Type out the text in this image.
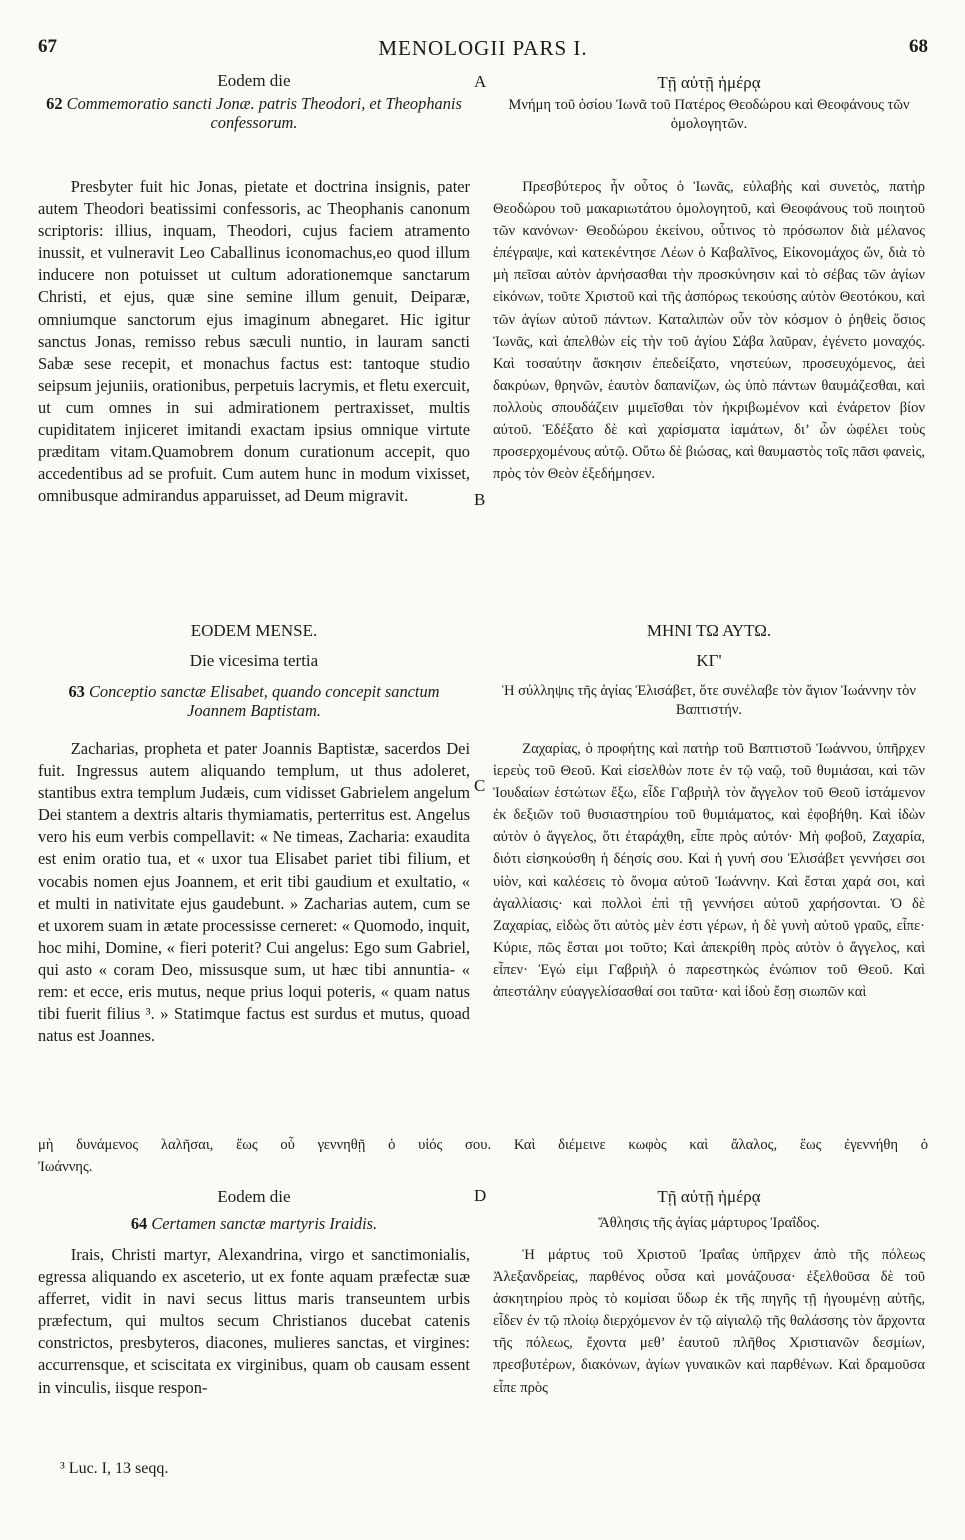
67	MENOLOGII PARS I.	68
A
B
C
D
Eodem die
62 Commemoratio sancti Jonæ. patris Theodori, et Theophanis confessorum.
Τῇ αὐτῇ ἡμέρᾳ
Μνήμη τοῦ ὁσίου Ἰωνᾶ τοῦ Πατέρος Θεοδώρου καὶ Θεοφάνους τῶν ὁμολογητῶν.

Presbyter fuit hic Jonas, pietate et doctrina insignis, pater autem Theodori beatissimi confessoris, ac Theophanis canonum scriptoris: illius, inquam, Theodori, cujus faciem atramento inussit, et vulneravit Leo Caballinus iconomachus,eo quod illum inducere non potuisset ut cultum adorationemque sanctarum Christi, et ejus, quæ sine semine illum genuit, Deiparæ, omniumque sanctorum ejus imaginum abnegaret. Hic igitur sanctus Jonas, remisso rebus sæculi nuntio, in lauram sancti Sabæ sese recepit, et monachus factus est: tantoque studio seipsum jejuniis, orationibus, perpetuis lacrymis, et fletu exercuit, ut cum omnes in sui admirationem pertraxisset, multis cupiditatem injiceret imitandi exactam ipsius omnique virtute præditam vitam.Quamobrem donum curationum accepit, quo accedentibus ad se profuit. Cum autem hunc in modum vixisset, omnibusque admirandus apparuisset, ad Deum migravit.

Πρεσβύτερος ἦν οὗτος ὁ Ἰωνᾶς, εὐλαβὴς καὶ συνετὸς, πατὴρ Θεοδώρου τοῦ μακαριωτάτου ὁμολογητοῦ, καὶ Θεοφάνους τοῦ ποιητοῦ τῶν κανόνων· Θεοδώρου ἐκείνου, οὗτινος τὸ πρόσωπον διὰ μέλανος ἐπέγραψε, καὶ κατεκέντησε Λέων ὁ Καβαλῖνος, Εἰκονομάχος ὤν, διὰ τὸ μὴ πεῖσαι αὐτὸν ἀρνήσασθαι τὴν προσκύνησιν καὶ τὸ σέβας τῶν ἁγίων εἰκόνων, τοῦτε Χριστοῦ καὶ τῆς ἀσπόρως τεκούσης αὐτὸν Θεοτόκου, καὶ τῶν ἁγίων αὐτοῦ πάντων. Καταλιπὼν οὖν τὸν κόσμον ὁ ῥηθεὶς ὅσιος Ἰωνᾶς, καὶ ἀπελθὼν εἰς τὴν τοῦ ἁγίου Σάβα λαῦραν, ἐγένετο μοναχός. Καὶ τοσαύτην ἄσκησιν ἐπεδείξατο, νηστεύων, προσευχόμενος, ἀεὶ δακρύων, θρηνῶν, ἑαυτὸν δαπανίζων, ὡς ὑπὸ πάντων θαυμάζεσθαι, καὶ πολλοὺς σπουδάζειν μιμεῖσθαι τὸν ἠκριβωμένον καὶ ἐνάρετον βίον αὐτοῦ. Ἐδέξατο δὲ καὶ χαρίσματα ἰαμάτων, δι’ ὧν ὠφέλει τοὺς προσερχομένους αὐτῷ. Οὕτω δὲ βιώσας, καὶ θαυμαστὸς τοῖς πᾶσι φανεὶς, πρὸς τὸν Θεὸν ἐξεδήμησεν.

EODEM MENSE.
Die vicesima tertia
ΜΗΝΙ ΤΩ ΑΥΤΩ.
ΚΓ'
63 Conceptio sanctæ Elisabet, quando concepit sanctum Joannem Baptistam.
Ἡ σύλληψις τῆς ἁγίας Ἐλισάβετ, ὅτε συνέλαβε τὸν ἅγιον Ἰωάννην τὸν Βαπτιστήν.

Zacharias, propheta et pater Joannis Baptistæ, sacerdos Dei fuit. Ingressus autem aliquando templum, ut thus adoleret, stantibus extra templum Judæis, cum vidisset Gabrielem angelum Dei stantem a dextris altaris thymiamatis, perterritus est. Angelus vero his eum verbis compellavit: « Ne timeas, Zacharia: exaudita est enim oratio tua, et « uxor tua Elisabet pariet tibi filium, et vocabis nomen ejus Joannem, et erit tibi gaudium et exultatio, « et multi in nativitate ejus gaudebunt. » Zacharias autem, cum se et uxorem suam in ætate processisse cerneret: « Quomodo, inquit, hoc mihi, Domine, « fieri poterit? Cui angelus: Ego sum Gabriel, qui asto « coram Deo, missusque sum, ut hæc tibi annuntia- « rem: et ecce, eris mutus, neque prius loqui poteris, « quam natus tibi fuerit filius ³. » Statimque factus est surdus et mutus, quoad natus est Joannes.

Ζαχαρίας, ὁ προφήτης καὶ πατὴρ τοῦ Βαπτιστοῦ Ἰωάννου, ὑπῆρχεν ἱερεὺς τοῦ Θεοῦ. Καὶ εἰσελθὼν ποτε ἐν τῷ ναῷ, τοῦ θυμιάσαι, καὶ τῶν Ἰουδαίων ἑστώτων ἔξω, εἶδε Γαβριὴλ τὸν ἄγγελον τοῦ Θεοῦ ἱστάμενον ἐκ δεξιῶν τοῦ θυσιαστηρίου τοῦ θυμιάματος, καὶ ἐφοβήθη. Καὶ ἰδὼν αὐτὸν ὁ ἄγγελος, ὅτι ἐταράχθη, εἶπε πρὸς αὐτόν· Μὴ φοβοῦ, Ζαχαρία, διότι εἰσηκούσθη ἡ δέησίς σου. Καὶ ἡ γυνή σου Ἐλισάβετ γεννήσει σοι υἱὸν, καὶ καλέσεις τὸ ὄνομα αὐτοῦ Ἰωάννην. Καὶ ἔσται χαρά σοι, καὶ ἀγαλλίασις· καὶ πολλοὶ ἐπὶ τῇ γεννήσει αὐτοῦ χαρήσονται. Ὁ δὲ Ζαχαρίας, εἰδὼς ὅτι αὐτὸς μὲν ἐστι γέρων, ἡ δὲ γυνὴ αὐτοῦ γραῦς, εἶπε· Κύριε, πῶς ἔσται μοι τοῦτο; Καὶ ἀπεκρίθη πρὸς αὐτὸν ὁ ἄγγελος, καὶ εἶπεν· Ἐγώ εἰμι Γαβριὴλ ὁ παρεστηκὼς ἐνώπιον τοῦ Θεοῦ. Καὶ ἀπεστάλην εὐαγγελίσασθαί σοι ταῦτα· καὶ ἰδοὺ ἔσῃ σιωπῶν καὶ

μὴ δυνάμενος λαλῆσαι, ἕως οὗ γεννηθῇ ὁ υἱός σου. Καὶ διέμεινε κωφὸς καὶ ἄλαλος, ἕως ἐγεννήθη ὁ
Ἰωάννης.
Eodem die
64 Certamen sanctæ martyris Iraidis.
Τῇ αὐτῇ ἡμέρᾳ
Ἄθλησις τῆς ἁγίας μάρτυρος Ἰραΐδος.

Irais, Christi martyr, Alexandrina, virgo et sanctimonialis, egressa aliquando ex asceterio, ut ex fonte aquam præfectæ suæ afferret, vidit in navi secus littus maris transeuntem urbis præfectum, qui multos secum Christianos ducebat catenis constrictos, presbyteros, diacones, mulieres sanctas, et virgines: accurrensque, et sciscitata ex virginibus, quam ob causam essent in vinculis, iisque respon-

Ἡ μάρτυς τοῦ Χριστοῦ Ἰραΐας ὑπῆρχεν ἀπὸ τῆς πόλεως Ἀλεξανδρείας, παρθένος οὖσα καὶ μονάζουσα· ἐξελθοῦσα δὲ τοῦ ἀσκητηρίου πρὸς τὸ κομίσαι ὕδωρ ἐκ τῆς πηγῆς τῇ ἡγουμένῃ αὐτῆς, εἶδεν ἐν τῷ πλοίῳ διερχόμενον ἐν τῷ αἰγιαλῷ τῆς θαλάσσης τὸν ἄρχοντα τῆς πόλεως, ἔχοντα μεθ’ ἑαυτοῦ πλῆθος Χριστιανῶν δεσμίων, πρεσβυτέρων, διακόνων, ἁγίων γυναικῶν καὶ παρθένων. Καὶ δραμοῦσα εἶπε πρὸς

³ Luc. I, 13 seqq.
